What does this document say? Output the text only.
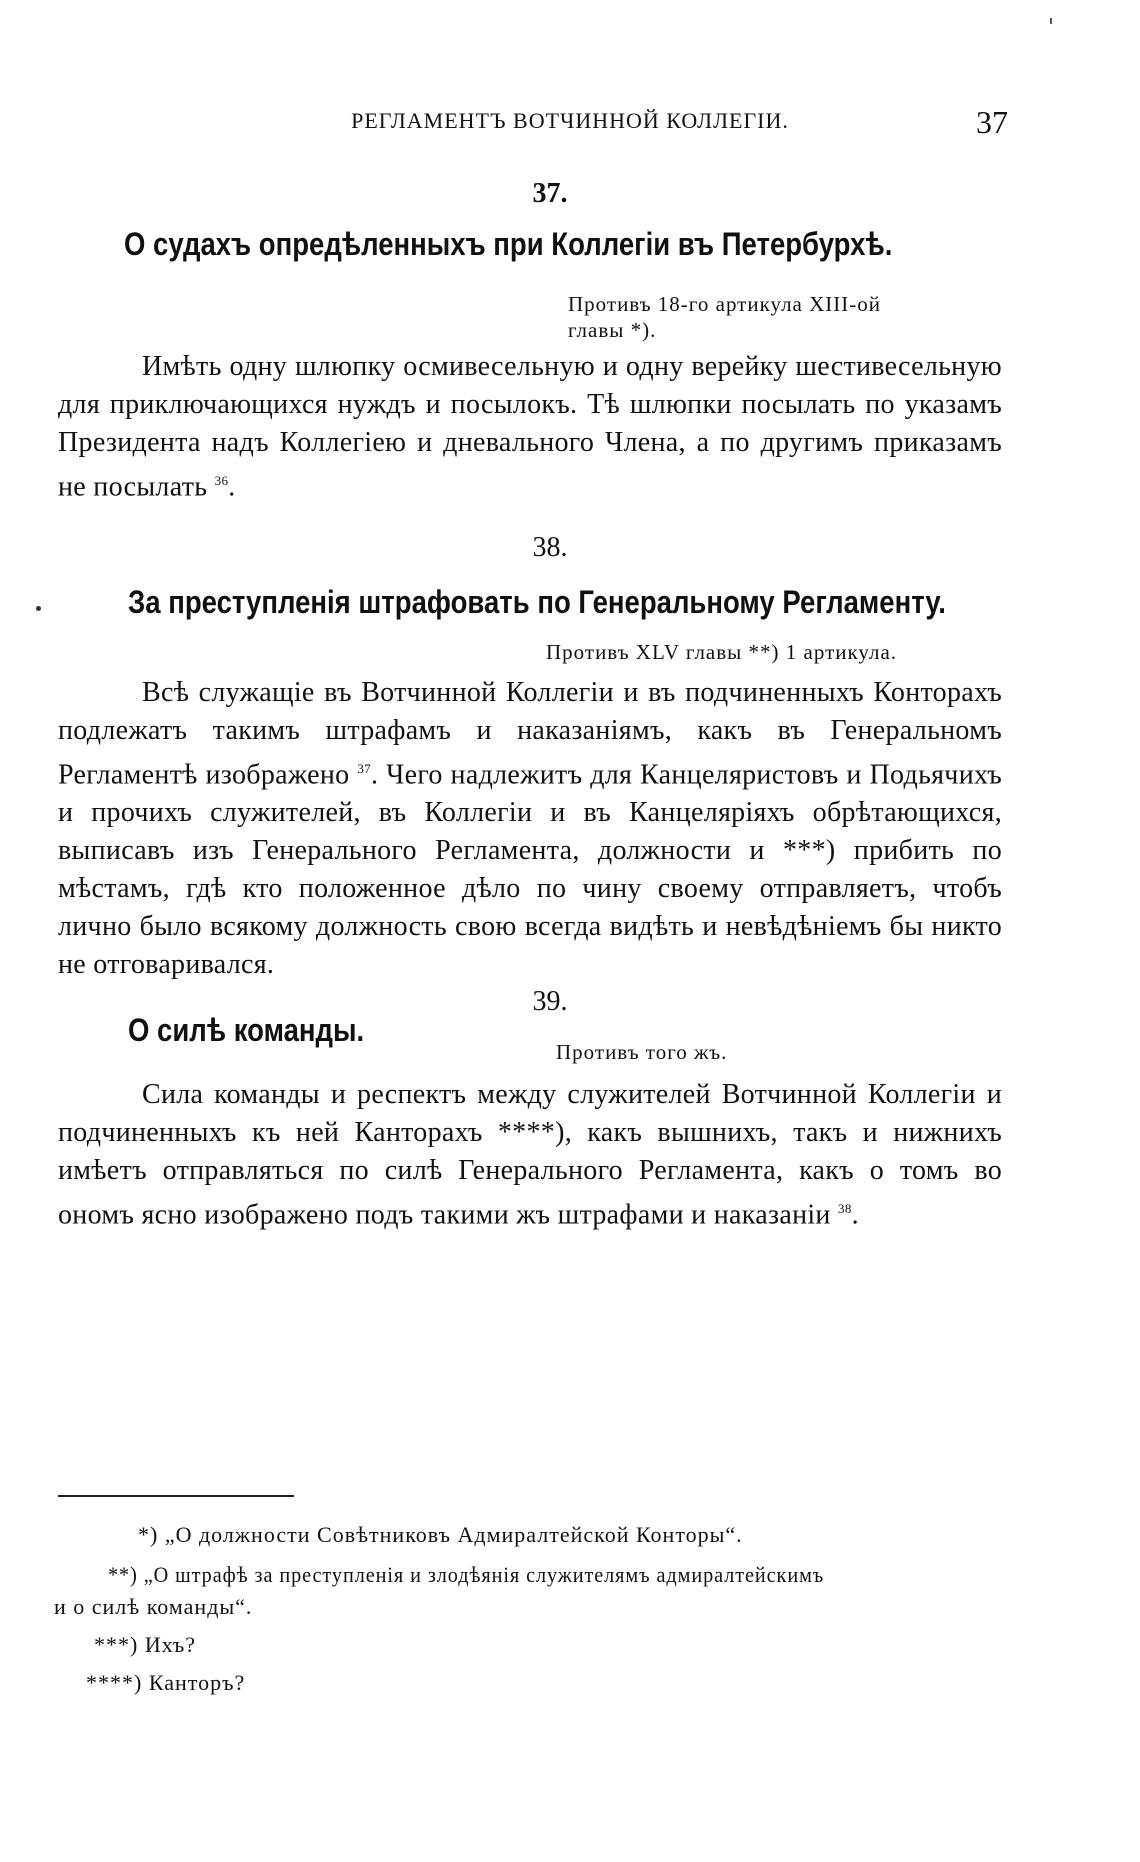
РЕГЛАМЕНТЪ ВОТЧИННОЙ КОЛЛЕГІИ.	37
37.
О судахъ опредѣленныхъ при Коллегіи въ Петербурхѣ.
Противъ 18-го артикула ХIII-ой
главы *).

Имѣть одну шлюпку осмивесельную и одну верейку шестивесельную для приключающихся нуждъ и посылокъ. Тѣ шлюпки посылать по указамъ Президента надъ Коллегіею и дневального Члена, а по другимъ приказамъ не посылать $^{36}$.

38.
За преступленія штрафовать по Генеральному Регламенту.
Противъ XLV главы **) 1 артикула.

Всѣ служащіе въ Вотчинной Коллегіи и въ подчиненныхъ Конторахъ подлежатъ такимъ штрафамъ и наказаніямъ, какъ въ Генеральномъ Регламентѣ изображено $^{37}$. Чего надлежитъ для Канцеляристовъ и Подьячихъ и прочихъ служителей, въ Коллегіи и въ Канцеляріяхъ обрѣтающихся, выписавъ изъ Генерального Регламента, должности и ***) прибить по мѣстамъ, гдѣ кто положенное дѣло по чину своему отправляетъ, чтобъ лично было всякому должность свою всегда видѣть и невѣдѣніемъ бы никто не отговаривался.

39.
О силѣ команды.
Противъ того жъ.

Сила команды и респектъ между служителей Вотчинной Коллегіи и подчиненныхъ къ ней Канторахъ ****), какъ вышнихъ, такъ и нижнихъ имѣетъ отправляться по силѣ Генерального Регламента, какъ о томъ во ономъ ясно изображено подъ такими жъ штрафами и наказаніи $^{38}$.

*) „О должности Совѣтниковъ Адмиралтейской Конторы“.
**) „О штрафѣ за преступленія и злодѣянія служителямъ адмиралтейскимъ
и о силѣ команды“.
***) Ихъ?
****) Канторъ?
